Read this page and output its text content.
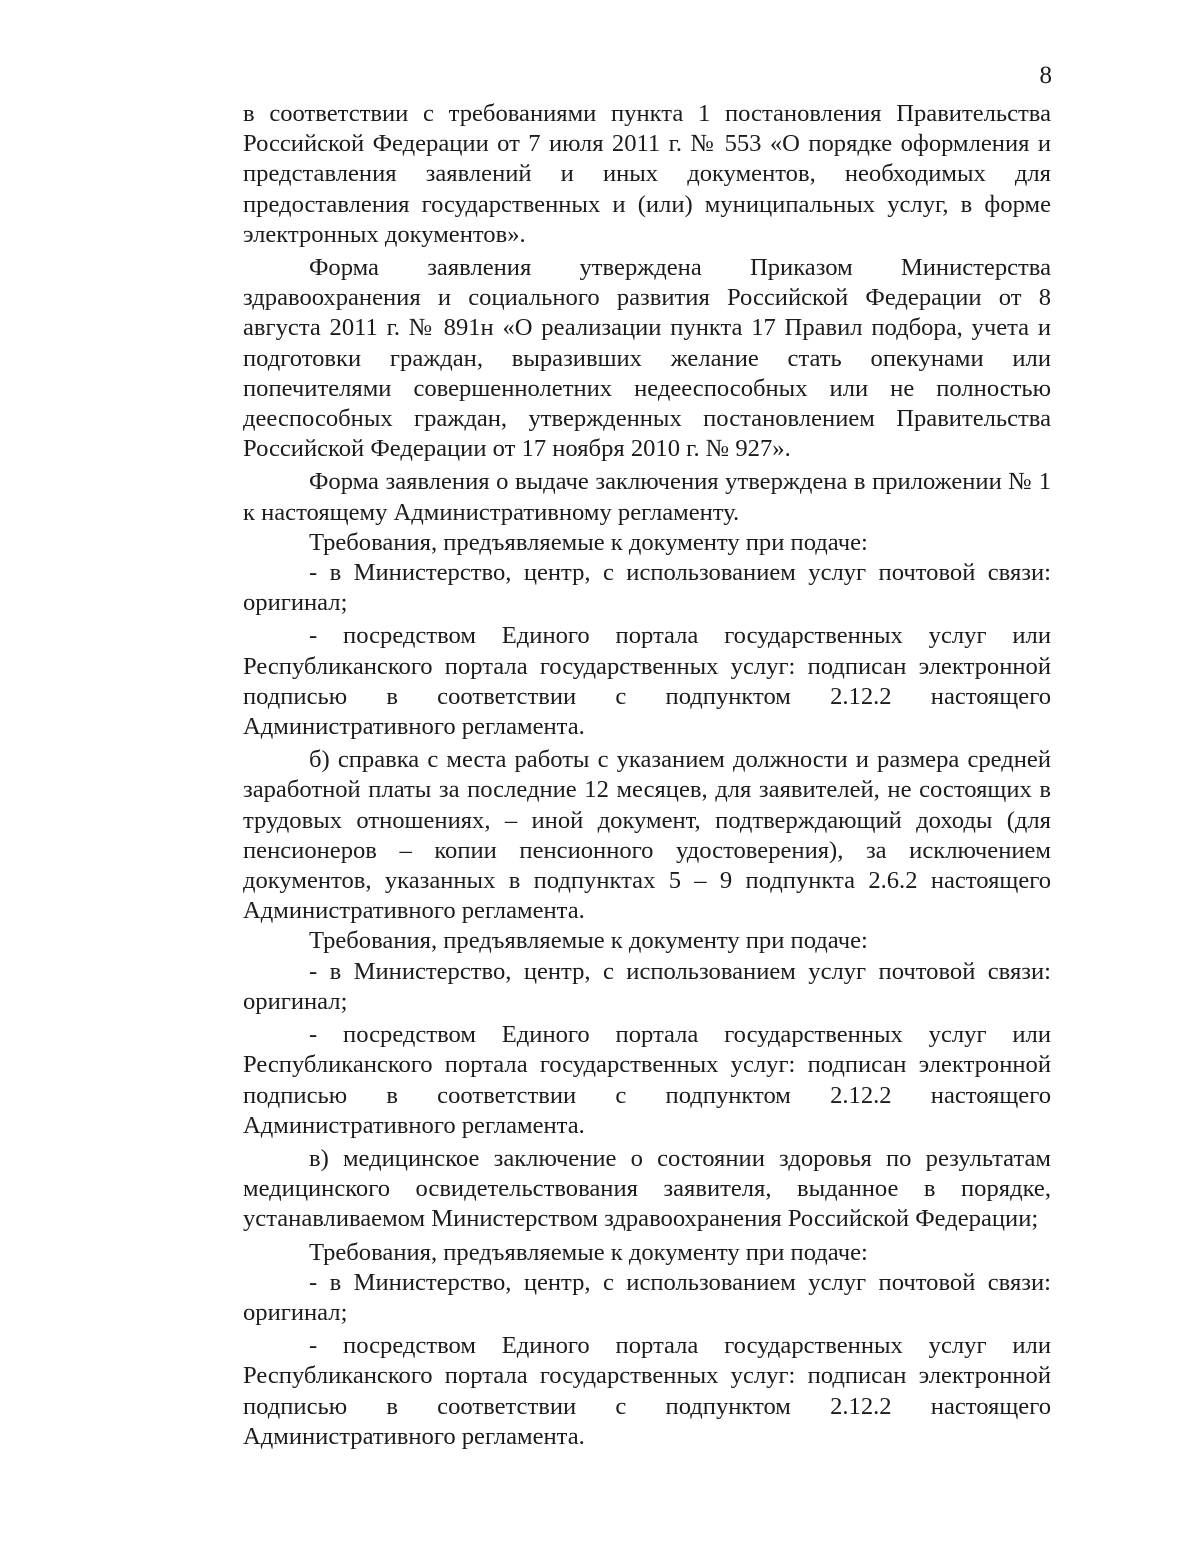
8

в соответствии с требованиями пункта 1 постановления Правительства Российской Федерации от 7 июля 2011 г. № 553 «О порядке оформления и представления заявлений и иных документов, необходимых для предоставления государственных и (или) муниципальных услуг, в форме электронных документов».

Форма заявления утверждена Приказом Министерства здравоохранения и социального развития Российской Федерации от 8 августа 2011 г. № 891н «О реализации пункта 17 Правил подбора, учета и подготовки граждан, выразивших желание стать опекунами или попечителями совершеннолетних недееспособных или не полностью дееспособных граждан, утвержденных постановлением Правительства Российской Федерации от 17 ноября 2010 г. № 927».

Форма заявления о выдаче заключения утверждена в приложении № 1 к настоящему Административному регламенту.

Требования, предъявляемые к документу при подаче:

- в Министерство, центр, с использованием услуг почтовой связи: оригинал;

- посредством Единого портала государственных услуг или Республиканского портала государственных услуг: подписан электронной подписью в соответствии с подпунктом 2.12.2 настоящего Административного регламента.

б) справка с места работы с указанием должности и размера средней заработной платы за последние 12 месяцев, для заявителей, не состоящих в трудовых отношениях, – иной документ, подтверждающий доходы (для пенсионеров – копии пенсионного удостоверения), за исключением документов, указанных в подпунктах 5 – 9 подпункта 2.6.2 настоящего Административного регламента.

Требования, предъявляемые к документу при подаче:

- в Министерство, центр, с использованием услуг почтовой связи: оригинал;

- посредством Единого портала государственных услуг или Республиканского портала государственных услуг: подписан электронной подписью в соответствии с подпунктом 2.12.2 настоящего Административного регламента.

в) медицинское заключение о состоянии здоровья по результатам медицинского освидетельствования заявителя, выданное в порядке, устанавливаемом Министерством здравоохранения Российской Федерации;

Требования, предъявляемые к документу при подаче:

- в Министерство, центр, с использованием услуг почтовой связи: оригинал;

- посредством Единого портала государственных услуг или Республиканского портала государственных услуг: подписан электронной подписью в соответствии с подпунктом 2.12.2 настоящего Административного регламента.
